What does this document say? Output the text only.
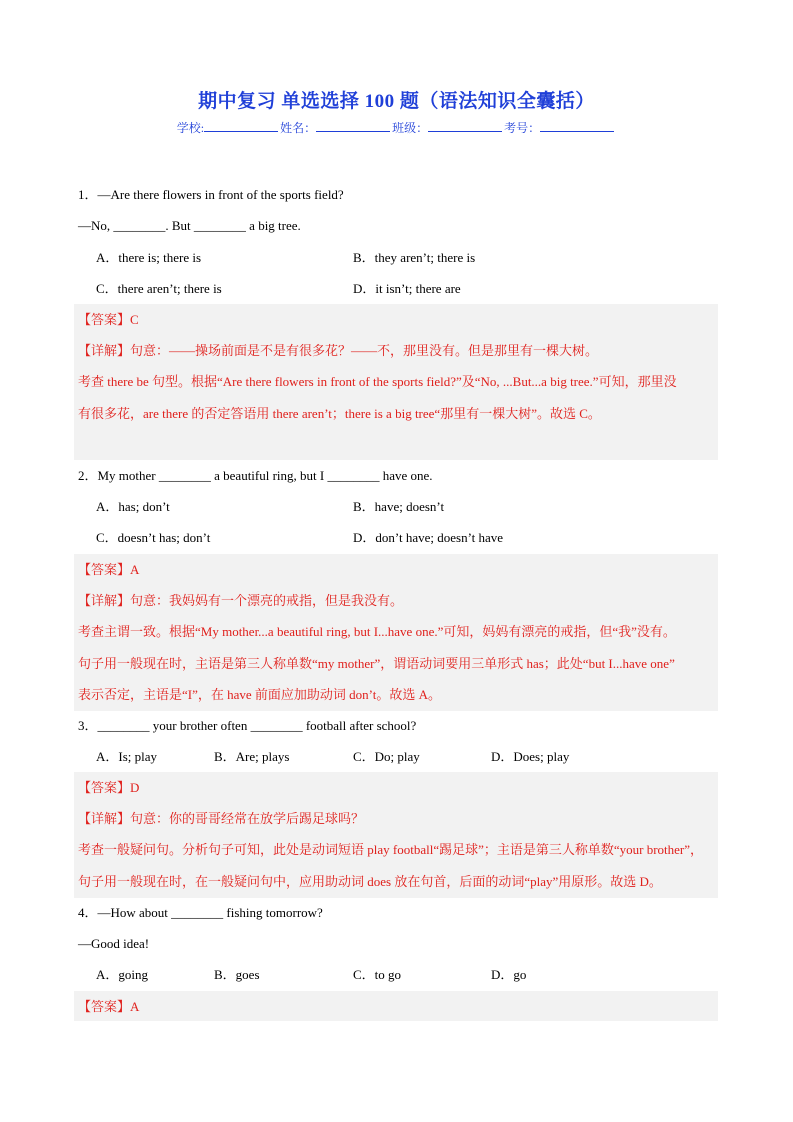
期中复习 单选选择 100 题（语法知识全囊括）
学校:	姓名：	班级：	考号：
1．—Are there flowers in front of the sports field?
—No, ________. But ________ a big tree.
A．there is; there is	B．they aren’t; there is
C．there aren’t; there is	D．it isn’t; there are
【答案】C
【详解】句意：——操场前面是不是有很多花？——不，那里没有。但是那里有一棵大树。
考查 there be 句型。根据“Are there flowers in front of the sports field?”及“No, ...But...a big tree.”可知，那里没
有很多花，are there 的否定答语用 there aren’t；there is a big tree“那里有一棵大树”。故选 C。
2．My mother ________ a beautiful ring, but I ________ have one.
A．has; don’t	B．have; doesn’t
C．doesn’t has; don’t	D．don’t have; doesn’t have
【答案】A
【详解】句意：我妈妈有一个漂亮的戒指，但是我没有。
考查主谓一致。根据“My mother...a beautiful ring, but I...have one.”可知，妈妈有漂亮的戒指，但“我”没有。
句子用一般现在时，主语是第三人称单数“my mother”，谓语动词要用三单形式 has；此处“but I...have one”
表示否定，主语是“I”，在 have 前面应加助动词 don’t。故选 A。
3．________ your brother often ________ football after school?
A．Is; play	B．Are; plays	C．Do; play	D．Does; play
【答案】D
【详解】句意：你的哥哥经常在放学后踢足球吗？
考查一般疑问句。分析句子可知，此处是动词短语 play football“踢足球”；主语是第三人称单数“your brother”，
句子用一般现在时，在一般疑问句中，应用助动词 does 放在句首，后面的动词“play”用原形。故选 D。
4．—How about ________ fishing tomorrow?
—Good idea!
A．going	B．goes	C．to go	D．go
【答案】A
